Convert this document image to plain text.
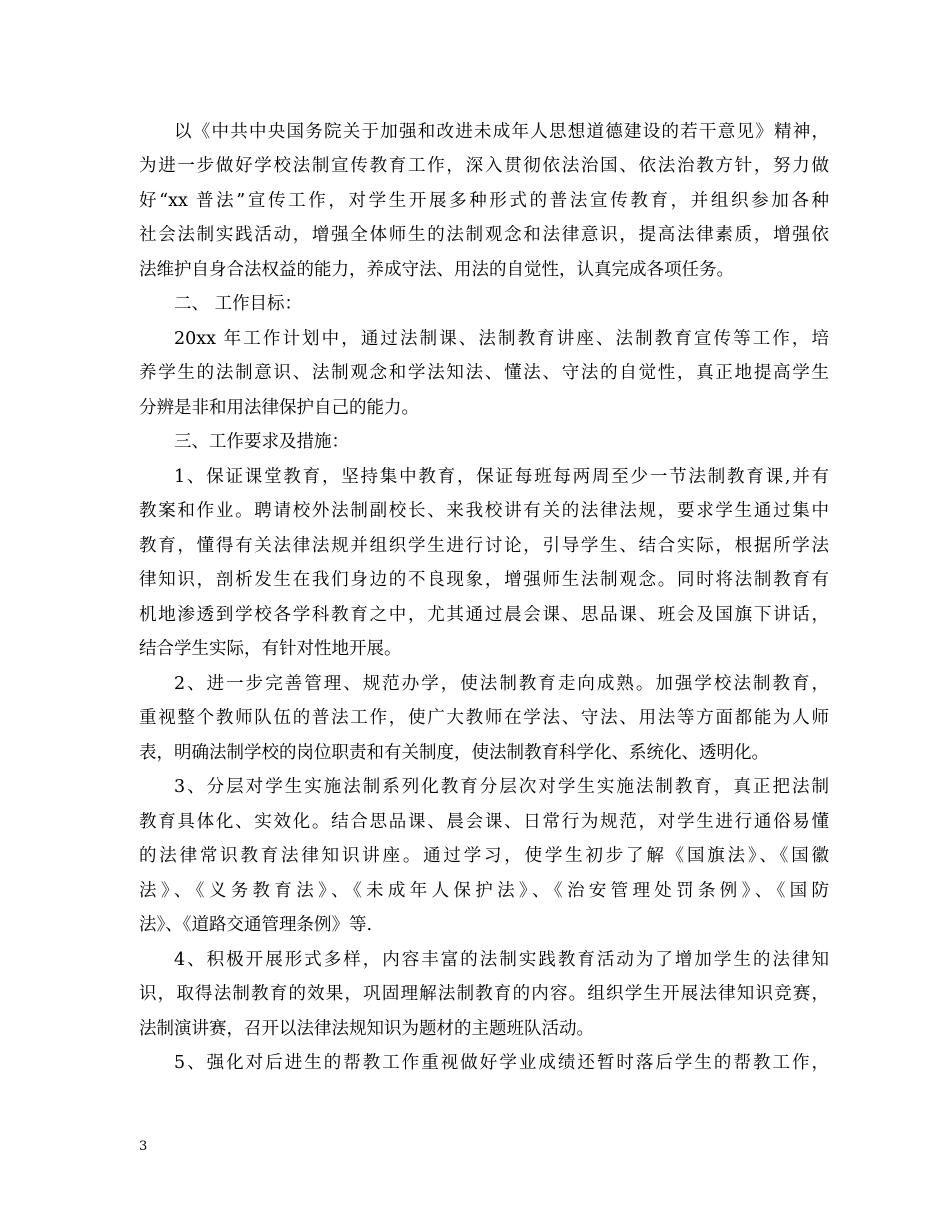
以《中共中央国务院关于加强和改进未成年人思想道德建设的若干意见》精神，
为进一步做好学校法制宣传教育工作，深入贯彻依法治国、依法治教方针，努力做
好“xx 普法”宣传工作，对学生开展多种形式的普法宣传教育，并组织参加各种
社会法制实践活动，增强全体师生的法制观念和法律意识，提高法律素质，增强依
法维护自身合法权益的能力，养成守法、用法的自觉性，认真完成各项任务。
二、 工作目标：
20xx 年工作计划中，通过法制课、法制教育讲座、法制教育宣传等工作，培
养学生的法制意识、法制观念和学法知法、懂法、守法的自觉性，真正地提高学生
分辨是非和用法律保护自己的能力。
三、工作要求及措施：
1、保证课堂教育，坚持集中教育，保证每班每两周至少一节法制教育课,并有
教案和作业。聘请校外法制副校长、来我校讲有关的法律法规，要求学生通过集中
教育，懂得有关法律法规并组织学生进行讨论，引导学生、结合实际，根据所学法
律知识，剖析发生在我们身边的不良现象，增强师生法制观念。同时将法制教育有
机地渗透到学校各学科教育之中，尤其通过晨会课、思品课、班会及国旗下讲话，
结合学生实际，有针对性地开展。
2、进一步完善管理、规范办学，使法制教育走向成熟。加强学校法制教育，
重视整个教师队伍的普法工作，使广大教师在学法、守法、用法等方面都能为人师
表，明确法制学校的岗位职责和有关制度，使法制教育科学化、系统化、透明化。
3、分层对学生实施法制系列化教育分层次对学生实施法制教育，真正把法制
教育具体化、实效化。结合思品课、晨会课、日常行为规范，对学生进行通俗易懂
的法律常识教育法律知识讲座。通过学习，使学生初步了解《国旗法》、《国徽
法》、《义务教育法》、《未成年人保护法》、《治安管理处罚条例》、《国防
法》、《道路交通管理条例》等.
4、积极开展形式多样，内容丰富的法制实践教育活动为了增加学生的法律知
识，取得法制教育的效果，巩固理解法制教育的内容。组织学生开展法律知识竞赛，
法制演讲赛，召开以法律法规知识为题材的主题班队活动。
5、强化对后进生的帮教工作重视做好学业成绩还暂时落后学生的帮教工作，
3
